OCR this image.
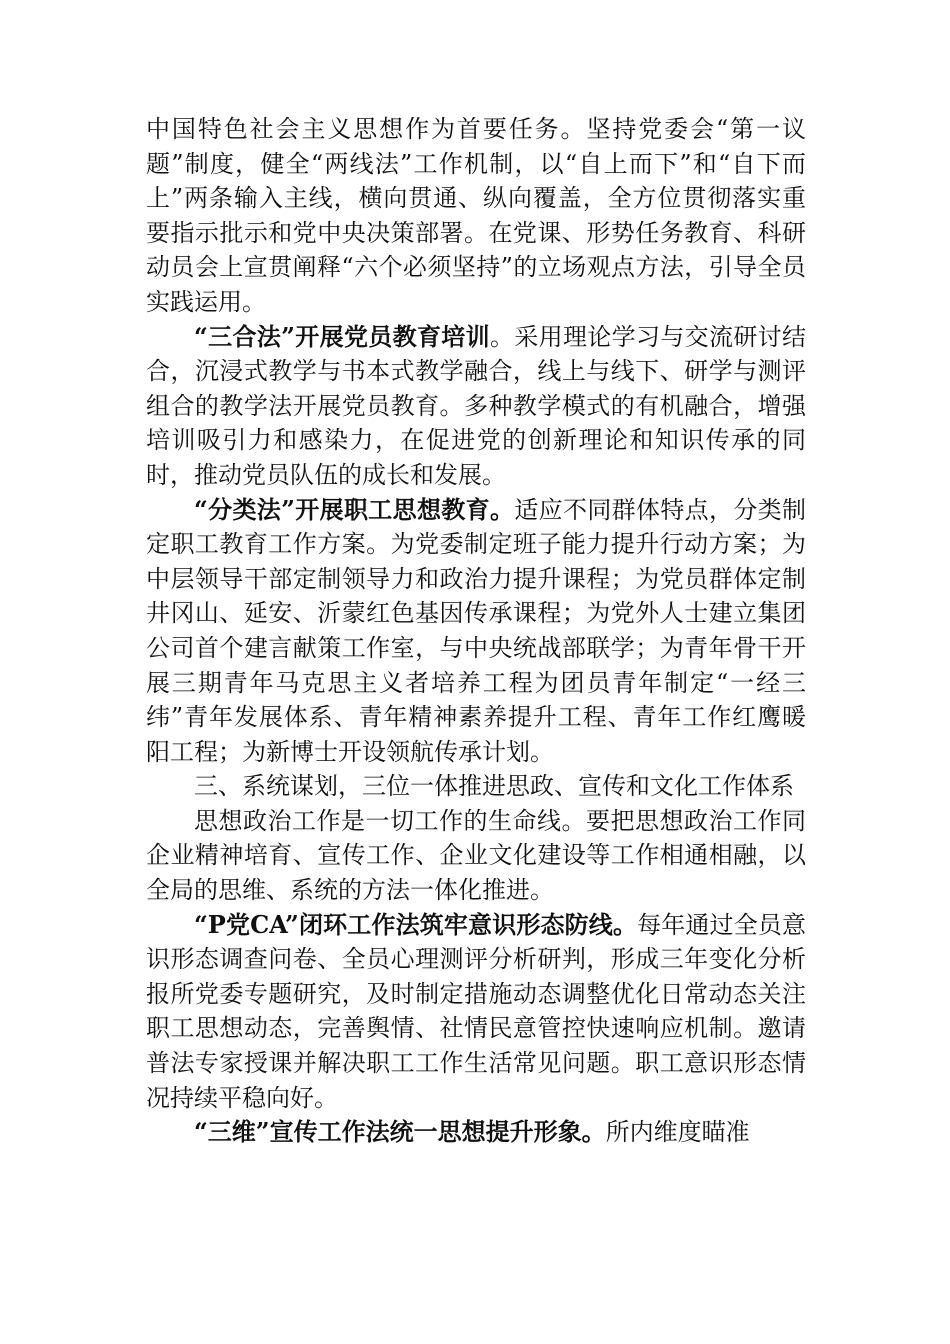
中国特色社会主义思想作为首要任务。坚持党委会“第一议题”制度，健全“两线法”工作机制，以“自上而下”和“自下而上”两条输入主线，横向贯通、纵向覆盖，全方位贯彻落实重要指示批示和党中央决策部署。在党课、形势任务教育、科研动员会上宣贯阐释“六个必须坚持”的立场观点方法，引导全员实践运用。

“三合法”开展党员教育培训。采用理论学习与交流研讨结合，沉浸式教学与书本式教学融合，线上与线下、研学与测评组合的教学法开展党员教育。多种教学模式的有机融合，增强培训吸引力和感染力，在促进党的创新理论和知识传承的同时，推动党员队伍的成长和发展。

“分类法”开展职工思想教育。适应不同群体特点，分类制定职工教育工作方案。为党委制定班子能力提升行动方案；为中层领导干部定制领导力和政治力提升课程；为党员群体定制井冈山、延安、沂蒙红色基因传承课程；为党外人士建立集团公司首个建言献策工作室，与中央统战部联学；为青年骨干开展三期青年马克思主义者培养工程为团员青年制定“一经三纬”青年发展体系、青年精神素养提升工程、青年工作红鹰暖阳工程；为新博士开设领航传承计划。

三、系统谋划，三位一体推进思政、宣传和文化工作体系

思想政治工作是一切工作的生命线。要把思想政治工作同企业精神培育、宣传工作、企业文化建设等工作相通相融，以全局的思维、系统的方法一体化推进。

“P党CA”闭环工作法筑牢意识形态防线。每年通过全员意识形态调查问卷、全员心理测评分析研判，形成三年变化分析报所党委专题研究，及时制定措施动态调整优化日常动态关注职工思想动态，完善舆情、社情民意管控快速响应机制。邀请普法专家授课并解决职工工作生活常见问题。职工意识形态情况持续平稳向好。

“三维”宣传工作法统一思想提升形象。所内维度瞄准
